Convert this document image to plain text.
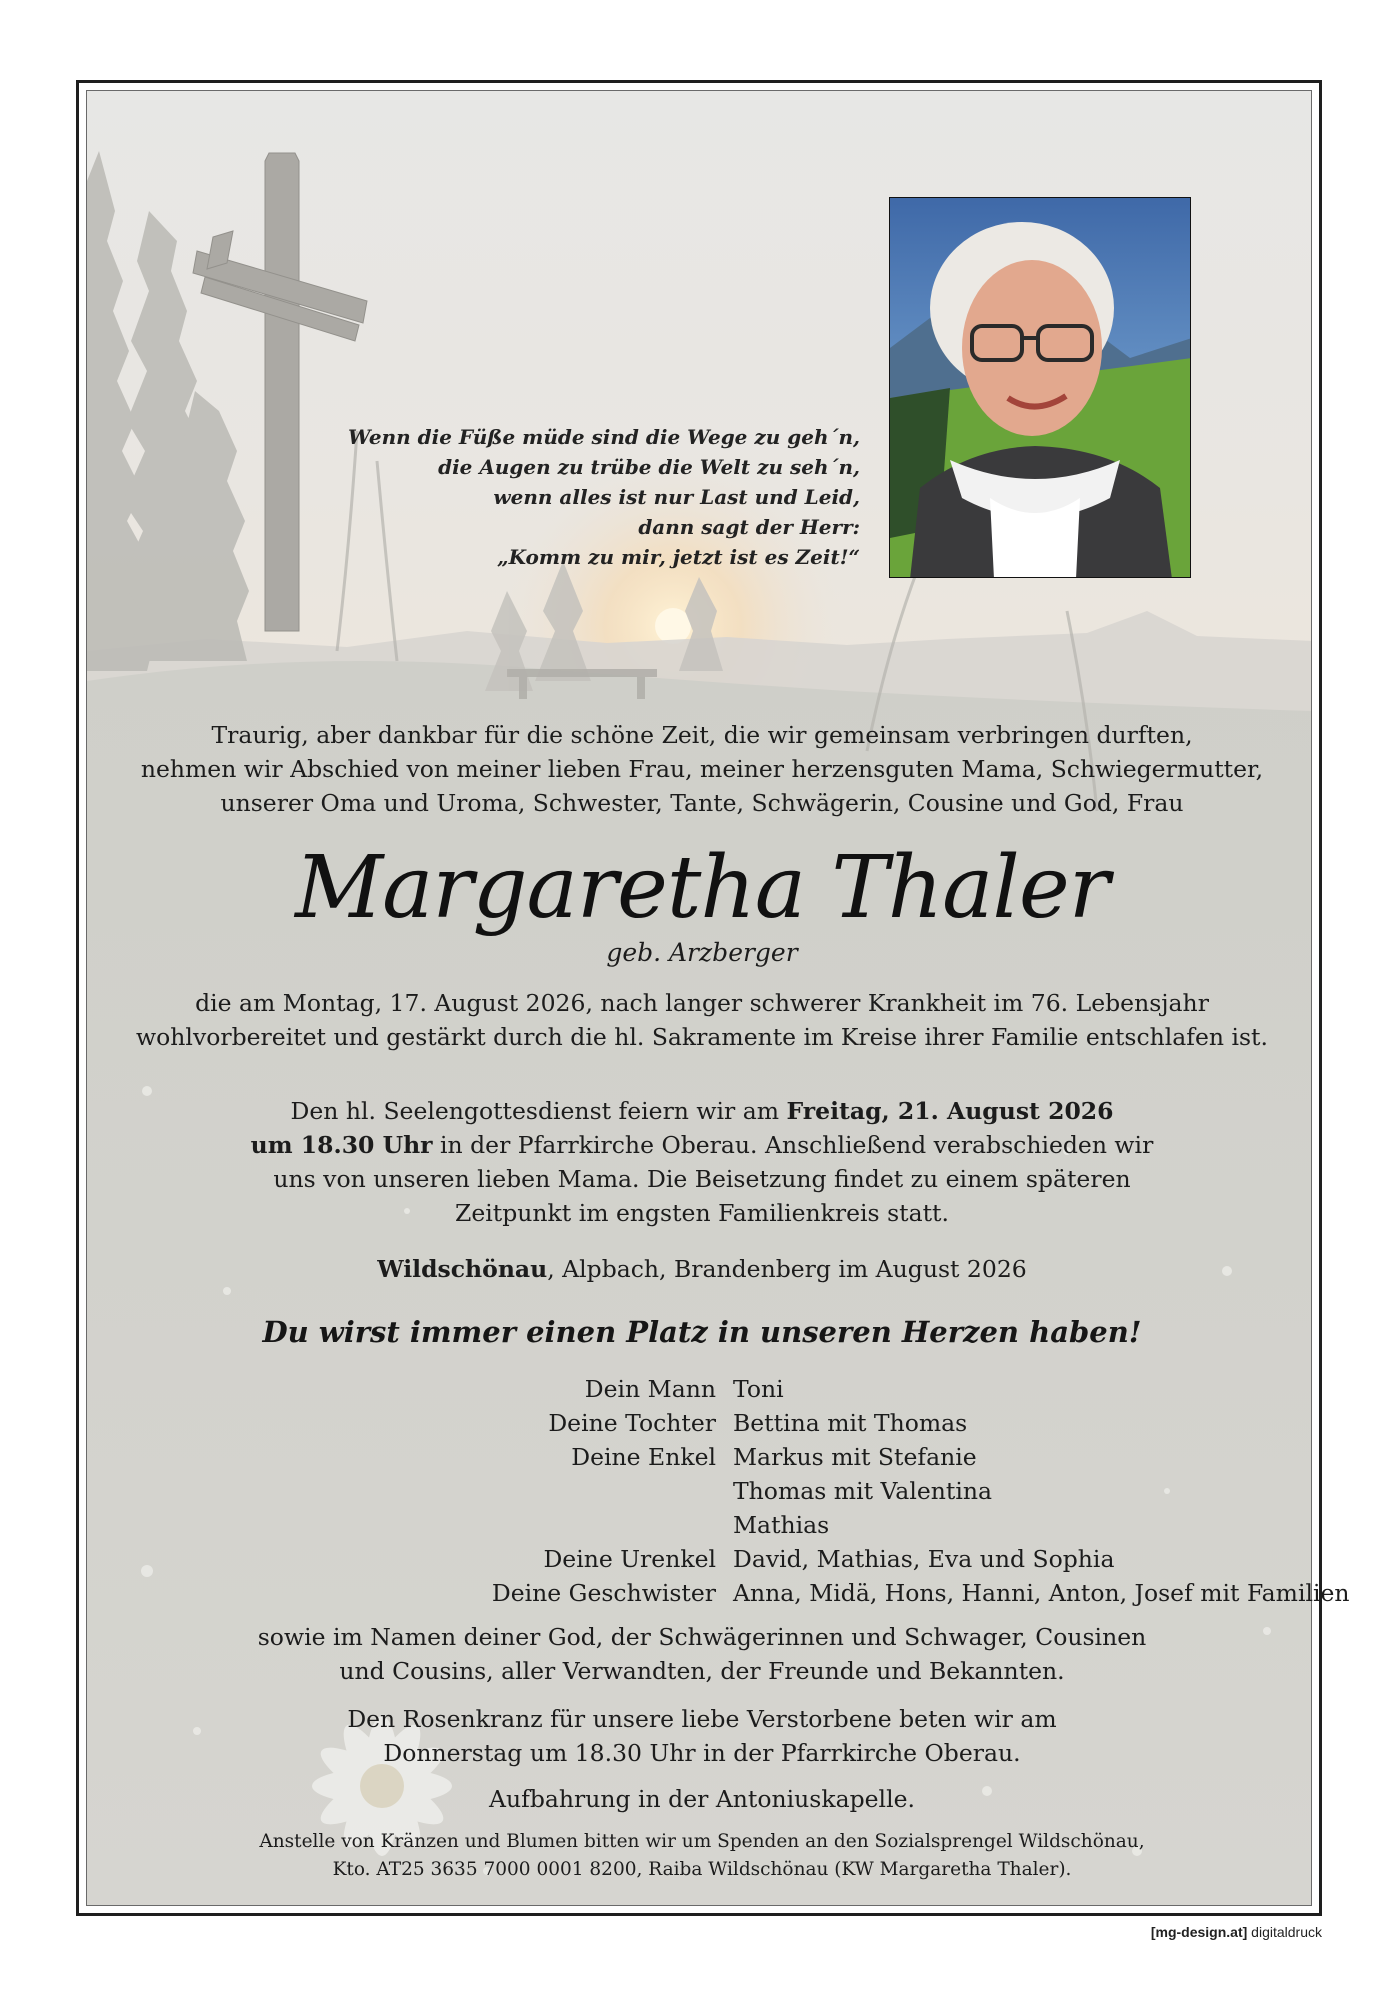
Wenn die Füße müde sind die Wege zu geh´n,
die Augen zu trübe die Welt zu seh´n,
wenn alles ist nur Last und Leid,
dann sagt der Herr:
„Komm zu mir, jetzt ist es Zeit!“
Traurig, aber dankbar für die schöne Zeit, die wir gemeinsam verbringen durften,
nehmen wir Abschied von meiner lieben Frau, meiner herzensguten Mama, Schwiegermutter,
unserer Oma und Uroma, Schwester, Tante, Schwägerin, Cousine und God, Frau
Margaretha Thaler
geb. Arzberger
die am Montag, 17. August 2026, nach langer schwerer Krankheit im 76. Lebensjahr
wohlvorbereitet und gestärkt durch die hl. Sakramente im Kreise ihrer Familie entschlafen ist.
Den hl. Seelengottesdienst feiern wir am Freitag, 21. August 2026
um 18.30 Uhr in der Pfarrkirche Oberau. Anschließend verabschieden wir
uns von unseren lieben Mama. Die Beisetzung findet zu einem späteren
Zeitpunkt im engsten Familienkreis statt.
Wildschönau, Alpbach, Brandenberg im August 2026
Du wirst immer einen Platz in unseren Herzen haben!
Dein Mann Toni
Deine Tochter Bettina mit Thomas
Deine Enkel Markus mit Stefanie
Thomas mit Valentina
Mathias
Deine Urenkel David, Mathias, Eva und Sophia
Deine Geschwister Anna, Midä, Hons, Hanni, Anton, Josef mit Familien
sowie im Namen deiner God, der Schwägerinnen und Schwager, Cousinen
und Cousins, aller Verwandten, der Freunde und Bekannten.
Den Rosenkranz für unsere liebe Verstorbene beten wir am
Donnerstag um 18.30 Uhr in der Pfarrkirche Oberau.
Aufbahrung in der Antoniuskapelle.
Anstelle von Kränzen und Blumen bitten wir um Spenden an den Sozialsprengel Wildschönau,
Kto. AT25 3635 7000 0001 8200, Raiba Wildschönau (KW Margaretha Thaler).
[mg-design.at] digitaldruck
